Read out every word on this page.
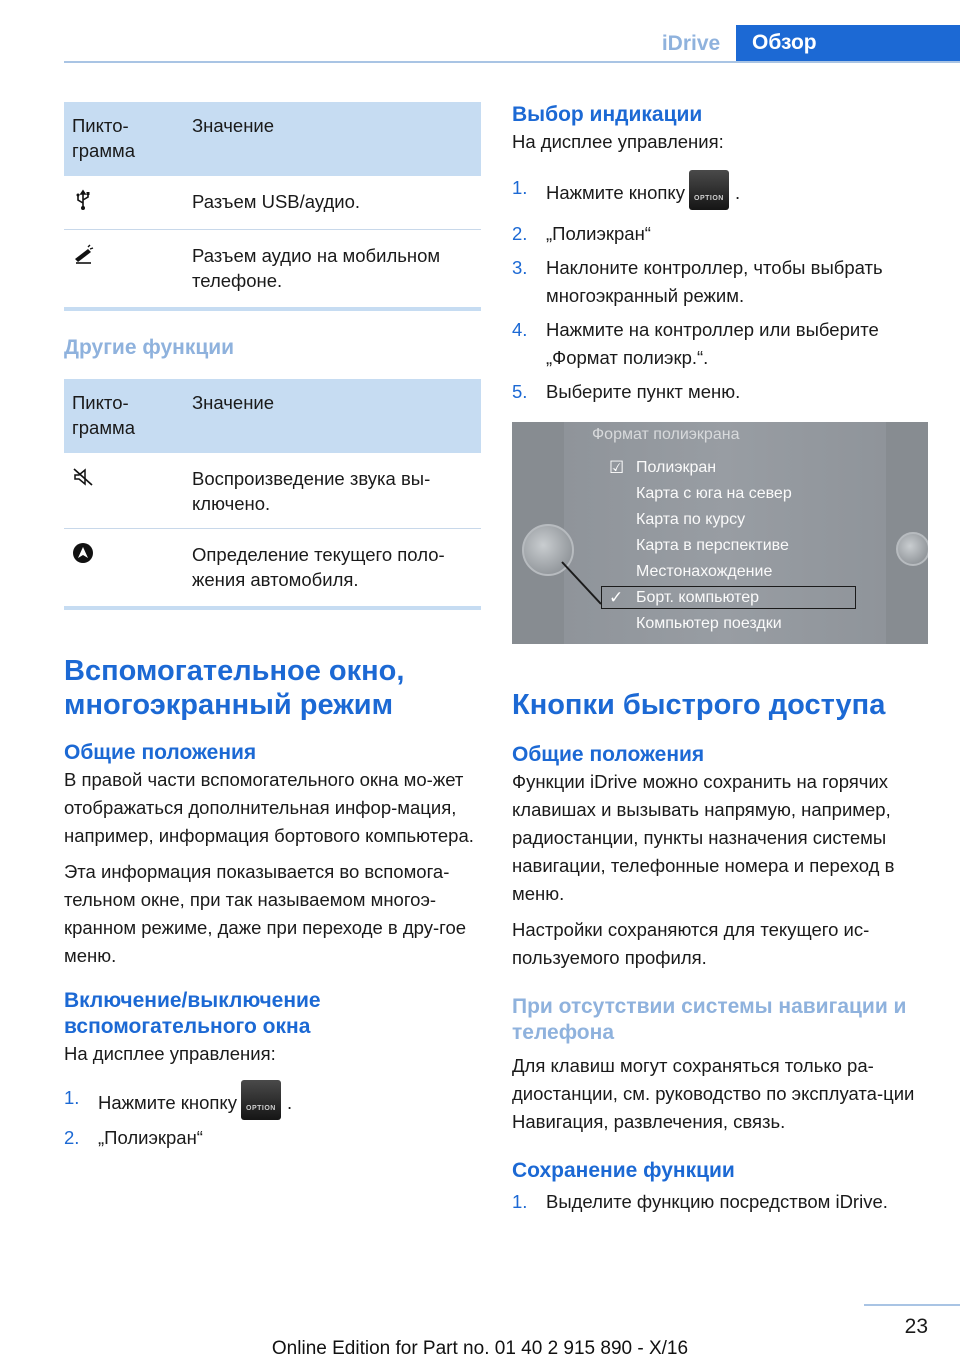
iDrive	Обзор
Пикто-грамма	Значение
	Разъем USB/аудио.
	Разъем аудио на мобильном телефоне.
Другие функции
Пикто-грамма	Значение
	Воспроизведение звука вы-ключено.
	Определение текущего поло-жения автомобиля.
Вспомогательное окно, многоэкранный режим
Общие положения

В правой части вспомогательного окна мо-жет отображаться дополнительная инфор-мация, например, информация бортового компьютера.

Эта информация показывается во вспомога-тельном окне, при так называемом многоэ-кранном режиме, даже при переходе в дру-гое меню.

Включение/выключение вспомогательного окна

На дисплее управления:

1. Нажмите кнопку	OPTION .
2. „Полиэкран“
Выбор индикации

На дисплее управления:

1. Нажмите кнопку	OPTION .
2. „Полиэкран“
3. Наклоните контроллер, чтобы выбрать многоэкранный режим.
4. Нажмите на контроллер или выберите „Формат полиэкр.“.
5. Выберите пункт меню.
Формат полиэкрана
☑ Полиэкран
Карта с юга на север
Карта по курсу
Карта в перспективе
Местонахождение
✓ Борт. компьютер
Компьютер поездки
Кнопки быстрого доступа
Общие положения

Функции iDrive можно сохранить на горячих клавишах и вызывать напрямую, например, радиостанции, пункты назначения системы навигации, телефонные номера и переход в меню.

Настройки сохраняются для текущего ис-пользуемого профиля.

При отсутствии системы навигации и телефона

Для клавиш могут сохраняться только ра-диостанции, см. руководство по эксплуата-ции Навигация, развлечения, связь.

Сохранение функции
1. Выделите функцию посредством iDrive.
23
Online Edition for Part no. 01 40 2 915 890 - X/16
